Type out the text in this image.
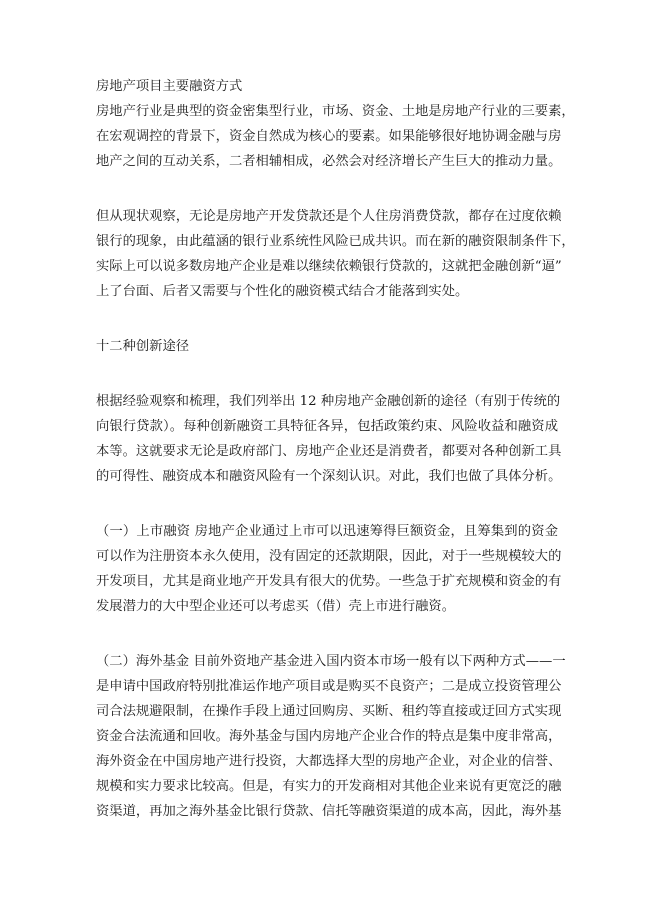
房地产项目主要融资方式
房地产行业是典型的资金密集型行业，市场、资金、土地是房地产行业的三要素，
在宏观调控的背景下，资金自然成为核心的要素。如果能够很好地协调金融与房
地产之间的互动关系，二者相辅相成，必然会对经济增长产生巨大的推动力量。
但从现状观察，无论是房地产开发贷款还是个人住房消费贷款，都存在过度依赖
银行的现象，由此蕴涵的银行业系统性风险已成共识。而在新的融资限制条件下，
实际上可以说多数房地产企业是难以继续依赖银行贷款的，这就把金融创新“逼”
上了台面、后者又需要与个性化的融资模式结合才能落到实处。
十二种创新途径
根据经验观察和梳理，我们列举出 12 种房地产金融创新的途径（有别于传统的
向银行贷款）。每种创新融资工具特征各异，包括政策约束、风险收益和融资成
本等。这就要求无论是政府部门、房地产企业还是消费者，都要对各种创新工具
的可得性、融资成本和融资风险有一个深刻认识。对此，我们也做了具体分析。
（一）上市融资 房地产企业通过上市可以迅速筹得巨额资金，且筹集到的资金
可以作为注册资本永久使用，没有固定的还款期限，因此，对于一些规模较大的
开发项目，尤其是商业地产开发具有很大的优势。一些急于扩充规模和资金的有
发展潜力的大中型企业还可以考虑买（借）壳上市进行融资。
（二）海外基金 目前外资地产基金进入国内资本市场一般有以下两种方式——一
是申请中国政府特别批准运作地产项目或是购买不良资产；二是成立投资管理公
司合法规避限制，在操作手段上通过回购房、买断、租约等直接或迂回方式实现
资金合法流通和回收。海外基金与国内房地产企业合作的特点是集中度非常高，
海外资金在中国房地产进行投资，大都选择大型的房地产企业，对企业的信誉、
规模和实力要求比较高。但是，有实力的开发商相对其他企业来说有更宽泛的融
资渠道，再加之海外基金比银行贷款、信托等融资渠道的成本高，因此，海外基
